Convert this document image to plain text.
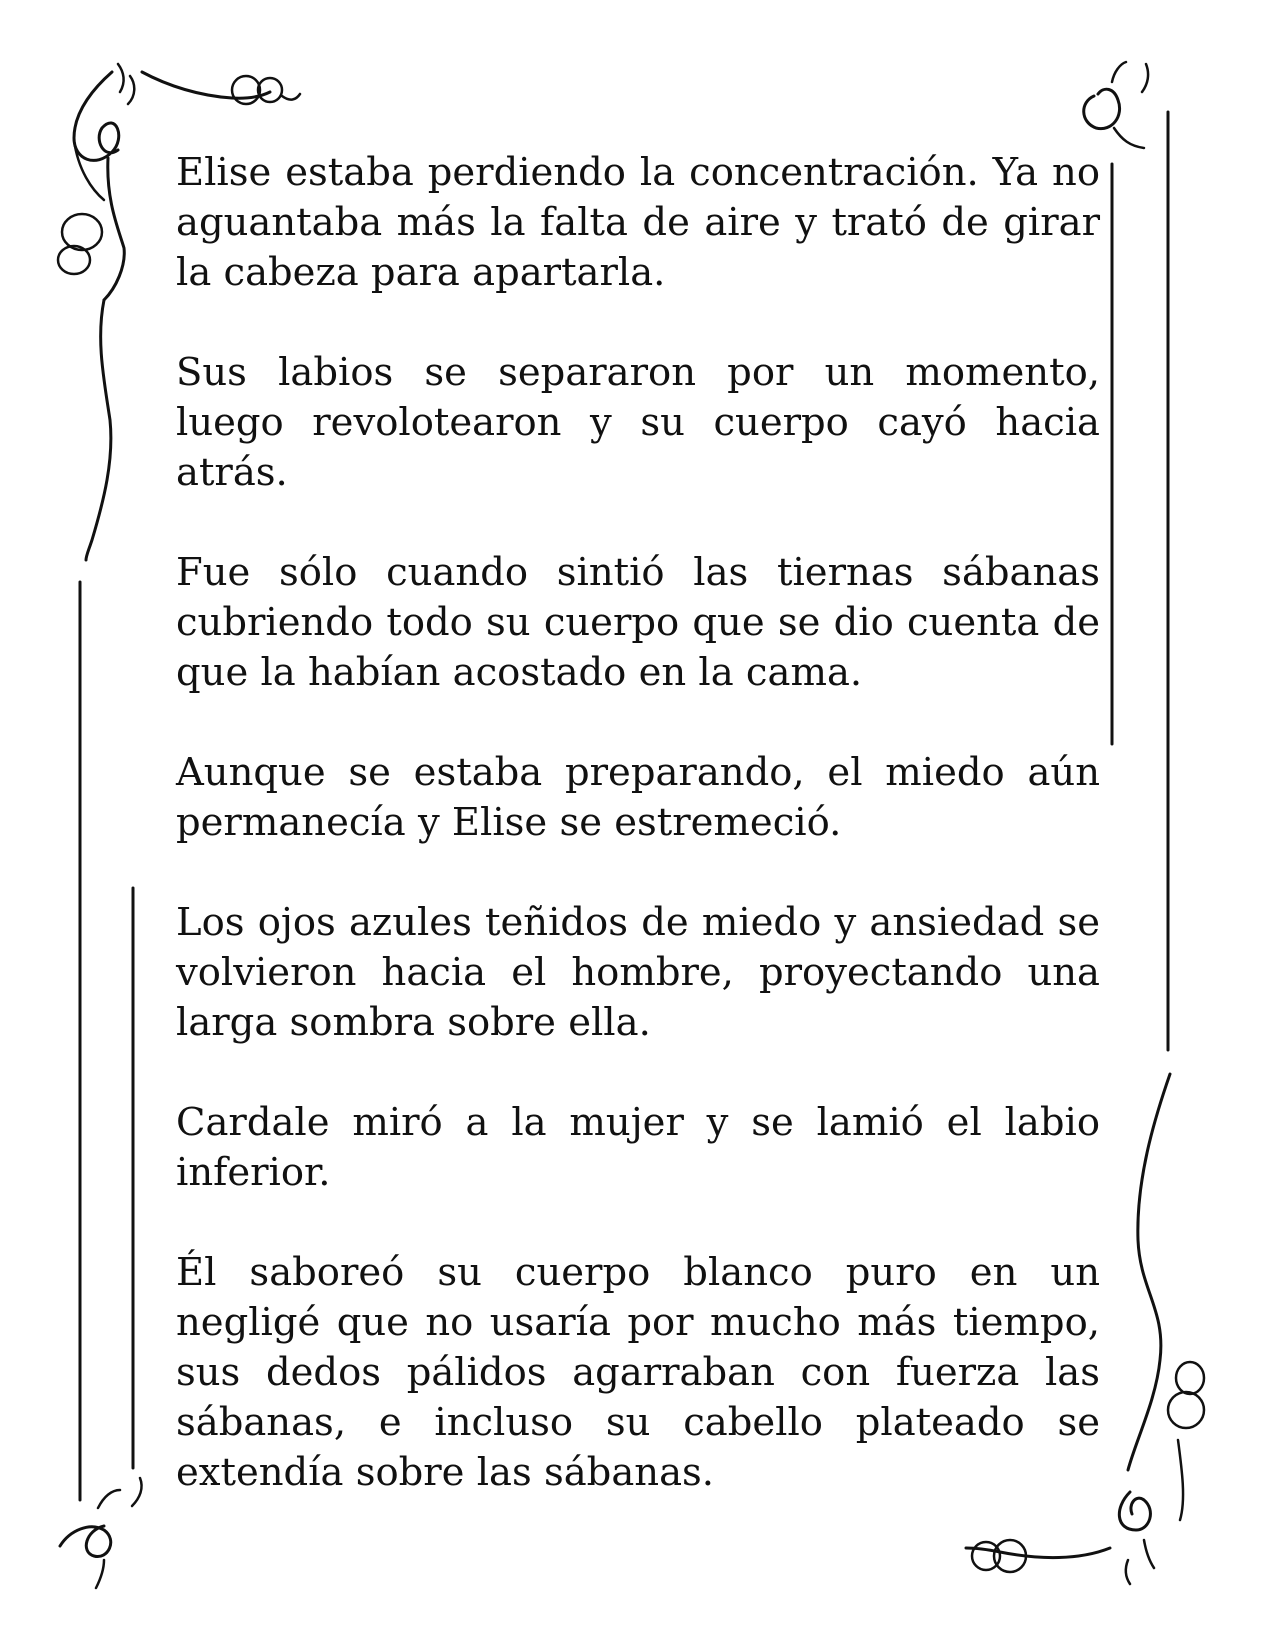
Elise estaba perdiendo la concentración. Ya no aguantaba más la falta de aire y trató de girar la cabeza para apartarla.

Sus labios se separaron por un momento, luego revolotearon y su cuerpo cayó hacia atrás.

Fue sólo cuando sintió las tiernas sábanas cubriendo todo su cuerpo que se dio cuenta de que la habían acostado en la cama.

Aunque se estaba preparando, el miedo aún permanecía y Elise se estremeció.

Los ojos azules teñidos de miedo y ansiedad se volvieron hacia el hombre, proyectando una larga sombra sobre ella.

Cardale miró a la mujer y se lamió el labio inferior.

Él saboreó su cuerpo blanco puro en un negligé que no usaría por mucho más tiempo, sus dedos pálidos agarraban con fuerza las sábanas, e incluso su cabello plateado se extendía sobre las sábanas.
